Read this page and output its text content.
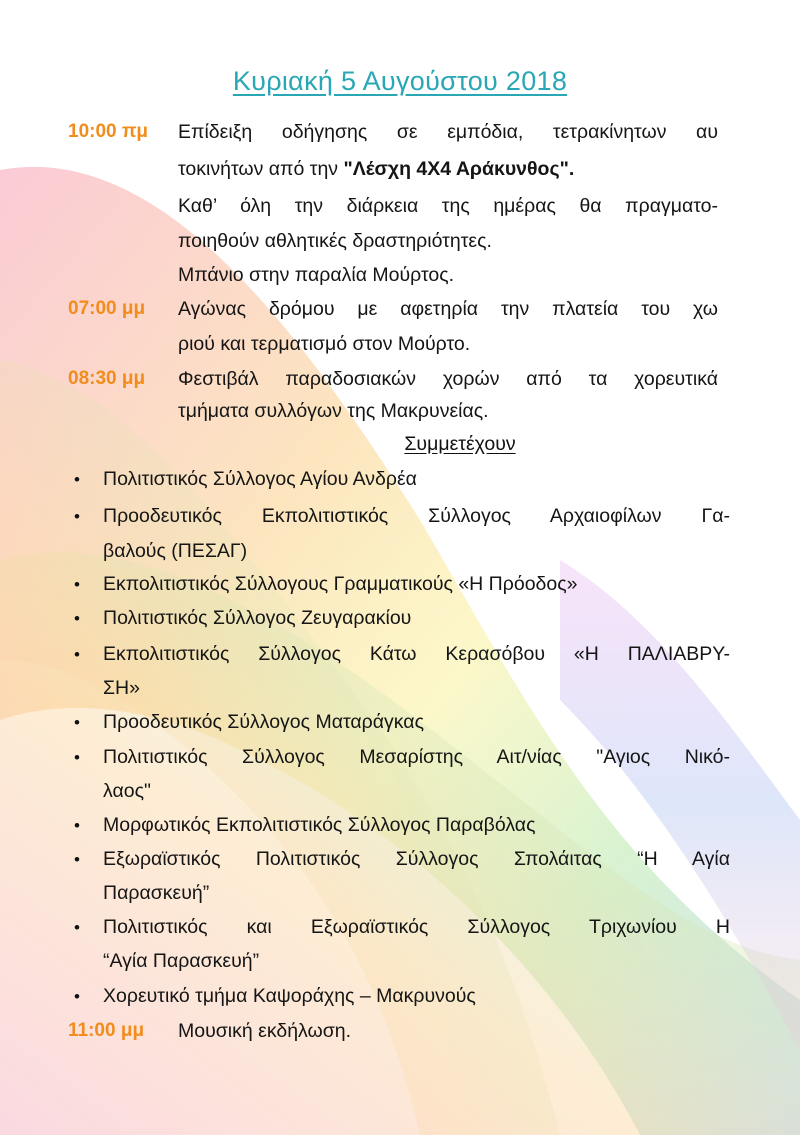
Κυριακή 5 Αυγούστου 2018
10:00 πμ Επίδειξη οδήγησης σε εμπόδια, τετρακίνητων αυ
τοκινήτων από την "Λέσχη 4Χ4 Αράκυνθος".
Καθ’ όλη την διάρκεια της ημέρας θα πραγματο-
ποιηθούν αθλητικές δραστηριότητες.
Μπάνιο στην παραλία Μούρτος.
07:00 μμ Αγώνας δρόμου με αφετηρία την πλατεία του χω
ριού και τερματισμό στον Μούρτο.
08:30 μμ Φεστιβάλ παραδοσιακών χορών από τα χορευτικά
τμήματα συλλόγων της Μακρυνείας.
Συμμετέχουν
• Πολιτιστικός Σύλλογος Αγίου Ανδρέα
• Προοδευτικός Εκπολιτιστικός Σύλλογος Αρχαιοφίλων Γα-
βαλούς (ΠΕΣΑΓ)
• Εκπολιτιστικός Σύλλογους Γραμματικούς «Η Πρόοδος»
• Πολιτιστικός Σύλλογος Ζευγαρακίου
• Εκπολιτιστικός Σύλλογος Κάτω Κερασόβου «Η ΠΑΛΙΑΒΡΥ-
ΣΗ»
• Προοδευτικός Σύλλογος Ματαράγκας
• Πολιτιστικός Σύλλογος Μεσαρίστης Αιτ/νίας "Αγιος Νικό-
λαος"
• Μορφωτικός Εκπολιτιστικός Σύλλογος Παραβόλας
• Εξωραϊστικός Πολιτιστικός Σύλλογος Σπολάιτας “Η Αγία
Παρασκευή”
• Πολιτιστικός και Εξωραϊστικός Σύλλογος Τριχωνίου Η
“Αγία Παρασκευή”
• Χορευτικό τμήμα Καψοράχης – Μακρυνούς
11:00 μμ Μουσική εκδήλωση.
